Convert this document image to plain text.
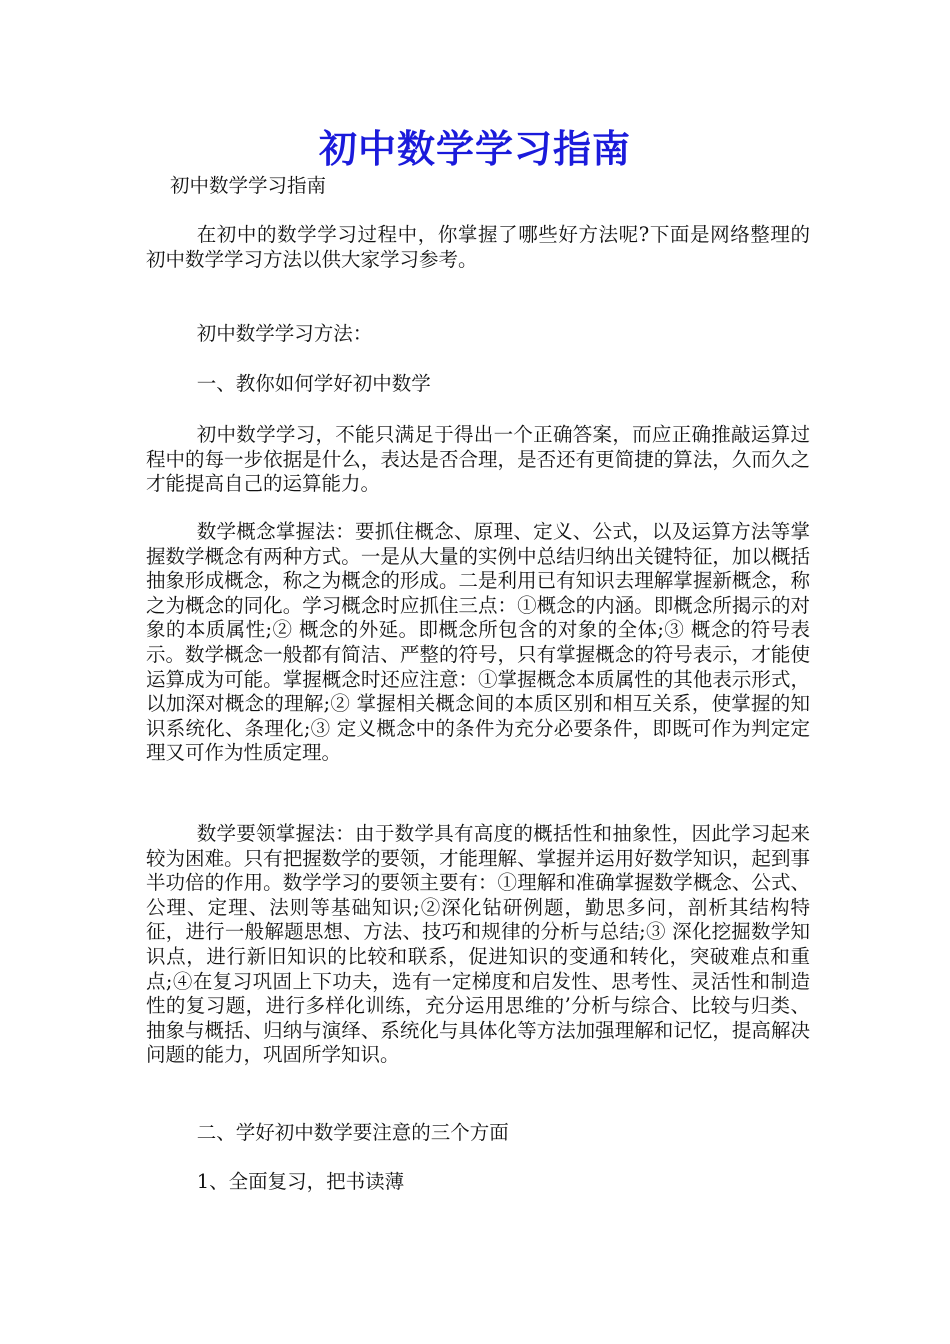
初中数学学习指南
初中数学学习指南
在初中的数学学习过程中，你掌握了哪些好方法呢?下面是网络整理的初中数学学习方法以供大家学习参考。
初中数学学习方法：
一、教你如何学好初中数学
初中数学学习，不能只满足于得出一个正确答案，而应正确推敲运算过程中的每一步依据是什么，表达是否合理，是否还有更简捷的算法，久而久之才能提高自己的运算能力。
数学概念掌握法：要抓住概念、原理、定义、公式，以及运算方法等掌握数学概念有两种方式。一是从大量的实例中总结归纳出关键特征，加以概括抽象形成概念，称之为概念的形成。二是利用已有知识去理解掌握新概念，称之为概念的同化。学习概念时应抓住三点：①概念的内涵。即概念所揭示的对象的本质属性;② 概念的外延。即概念所包含的对象的全体;③ 概念的符号表示。数学概念一般都有简洁、严整的符号，只有掌握概念的符号表示，才能使运算成为可能。掌握概念时还应注意：①掌握概念本质属性的其他表示形式，以加深对概念的理解;② 掌握相关概念间的本质区别和相互关系，使掌握的知识系统化、条理化;③ 定义概念中的条件为充分必要条件，即既可作为判定定理又可作为性质定理。
数学要领掌握法：由于数学具有高度的概括性和抽象性，因此学习起来较为困难。只有把握数学的要领，才能理解、掌握并运用好数学知识，起到事半功倍的作用。数学学习的要领主要有：①理解和准确掌握数学概念、公式、公理、定理、法则等基础知识;②深化钻研例题，勤思多问，剖析其结构特征，进行一般解题思想、方法、技巧和规律的分析与总结;③ 深化挖掘数学知识点，进行新旧知识的比较和联系，促进知识的变通和转化，突破难点和重点;④在复习巩固上下功夫，选有一定梯度和启发性、思考性、灵活性和制造性的复习题，进行多样化训练，充分运用思维的’分析与综合、比较与归类、抽象与概括、归纳与演绎、系统化与具体化等方法加强理解和记忆，提高解决问题的能力，巩固所学知识。
二、学好初中数学要注意的三个方面
1、全面复习，把书读薄
